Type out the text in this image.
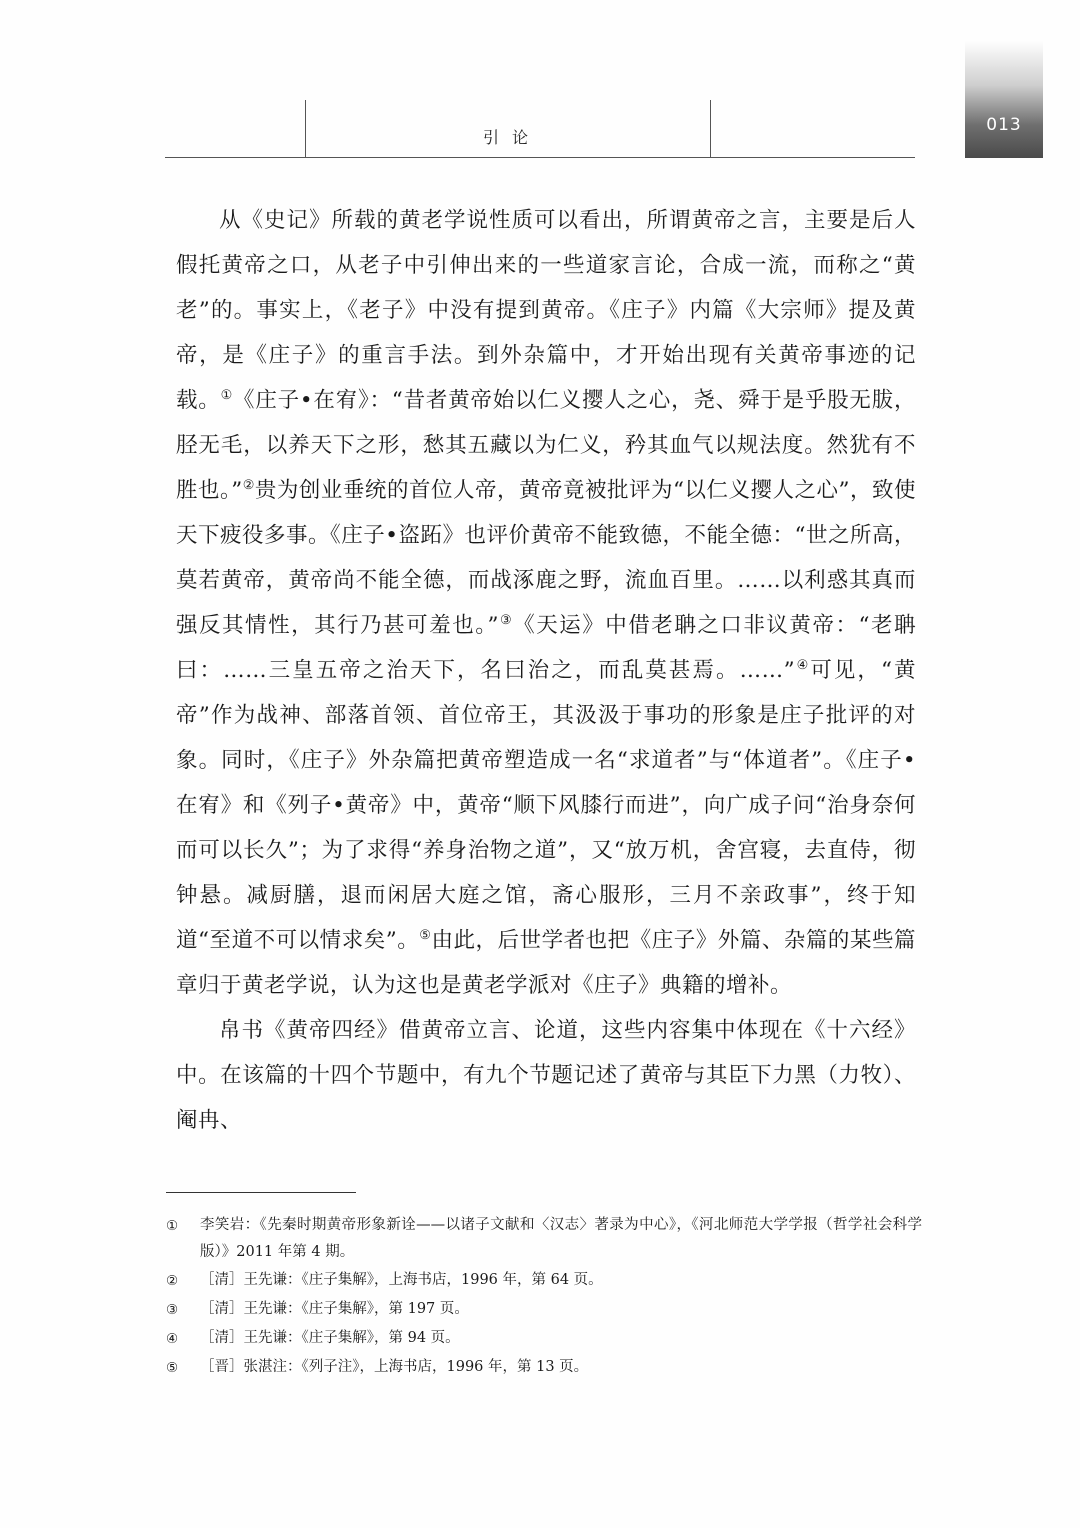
引 论
013

从《史记》所载的黄老学说性质可以看出，所谓黄帝之言，主要是后人假托黄帝之口，从老子中引伸出来的一些道家言论，合成一流，而称之“黄老”的。事实上，《老子》中没有提到黄帝。《庄子》内篇《大宗师》提及黄帝，是《庄子》的重言手法。到外杂篇中，才开始出现有关黄帝事迹的记载。①《庄子•在宥》：“昔者黄帝始以仁义撄人之心，尧、舜于是乎股无胈，胫无毛，以养天下之形，愁其五藏以为仁义，矜其血气以规法度。然犹有不胜也。”②贵为创业垂统的首位人帝，黄帝竟被批评为“以仁义撄人之心”，致使天下疲役多事。《庄子•盗跖》也评价黄帝不能致德，不能全德：“世之所高，莫若黄帝，黄帝尚不能全德，而战涿鹿之野，流血百里。……以利惑其真而强反其情性，其行乃甚可羞也。”③《天运》中借老聃之口非议黄帝：“老聃曰：……三皇五帝之治天下，名曰治之，而乱莫甚焉。……”④可见，“黄帝”作为战神、部落首领、首位帝王，其汲汲于事功的形象是庄子批评的对象。同时，《庄子》外杂篇把黄帝塑造成一名“求道者”与“体道者”。《庄子•在宥》和《列子•黄帝》中，黄帝“顺下风膝行而进”，向广成子问“治身奈何而可以长久”；为了求得“养身治物之道”，又“放万机，舍宫寝，去直侍，彻钟悬。减厨膳，退而闲居大庭之馆，斋心服形，三月不亲政事”，终于知道“至道不可以情求矣”。⑤由此，后世学者也把《庄子》外篇、杂篇的某些篇章归于黄老学说，认为这也是黄老学派对《庄子》典籍的增补。

帛书《黄帝四经》借黄帝立言、论道，这些内容集中体现在《十六经》中。在该篇的十四个节题中，有九个节题记述了黄帝与其臣下力黑（力牧）、阉冉、

①	李笑岩：《先秦时期黄帝形象新诠——以诸子文献和〈汉志〉著录为中心》，《河北师范大学学报（哲学社会科学版）》2011 年第 4 期。
②	［清］王先谦：《庄子集解》，上海书店，1996 年，第 64 页。
③	［清］王先谦：《庄子集解》，第 197 页。
④	［清］王先谦：《庄子集解》，第 94 页。
⑤	［晋］张湛注：《列子注》，上海书店，1996 年，第 13 页。
